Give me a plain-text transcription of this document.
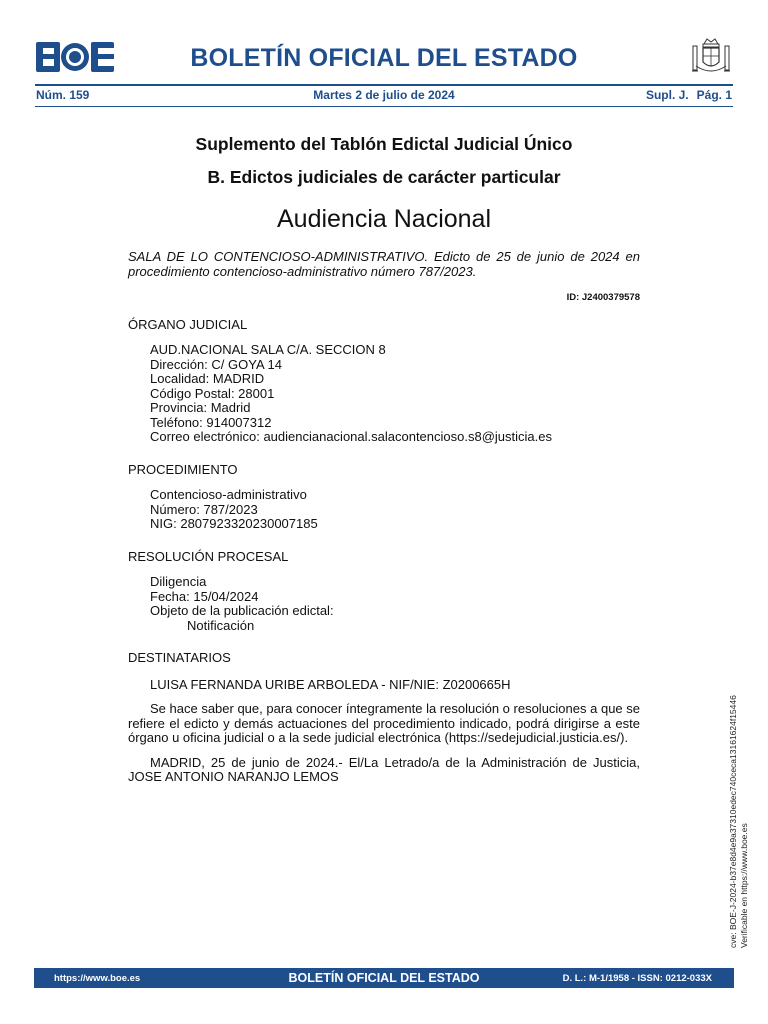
BOLETÍN OFICIAL DEL ESTADO
Núm. 159	Martes 2 de julio de 2024	Supl. J. Pág. 1
Suplemento del Tablón Edictal Judicial Único
B. Edictos judiciales de carácter particular
Audiencia Nacional

SALA DE LO CONTENCIOSO-ADMINISTRATIVO. Edicto de 25 de junio de 2024 en procedimiento contencioso-administrativo número 787/2023.

ID: J2400379578
ÓRGANO JUDICIAL
AUD.NACIONAL SALA C/A. SECCION 8
Dirección: C/ GOYA 14
Localidad: MADRID
Código Postal: 28001
Provincia: Madrid
Teléfono: 914007312
Correo electrónico: audiencianacional.salacontencioso.s8@justicia.es
PROCEDIMIENTO
Contencioso-administrativo
Número: 787/2023
NIG: 2807923320230007185
RESOLUCIÓN PROCESAL
Diligencia
Fecha: 15/04/2024
Objeto de la publicación edictal:
Notificación
DESTINATARIOS

LUISA FERNANDA URIBE ARBOLEDA - NIF/NIE: Z0200665H

Se hace saber que, para conocer íntegramente la resolución o resoluciones a que se refiere el edicto y demás actuaciones del procedimiento indicado, podrá dirigirse a este órgano u oficina judicial o a la sede judicial electrónica (https://sedejudicial.justicia.es/).

MADRID, 25 de junio de 2024.- El/La Letrado/a de la Administración de Justicia, JOSE ANTONIO NARANJO LEMOS	cve: BOE-J-2024-b37e8d4e9a37310edec740ceca13161624f15446 Verificable en https://www.boe.es
BOLETÍN OFICIAL DEL ESTADO
https://www.boe.es	D. L.: M-1/1958 - ISSN: 0212-033X
